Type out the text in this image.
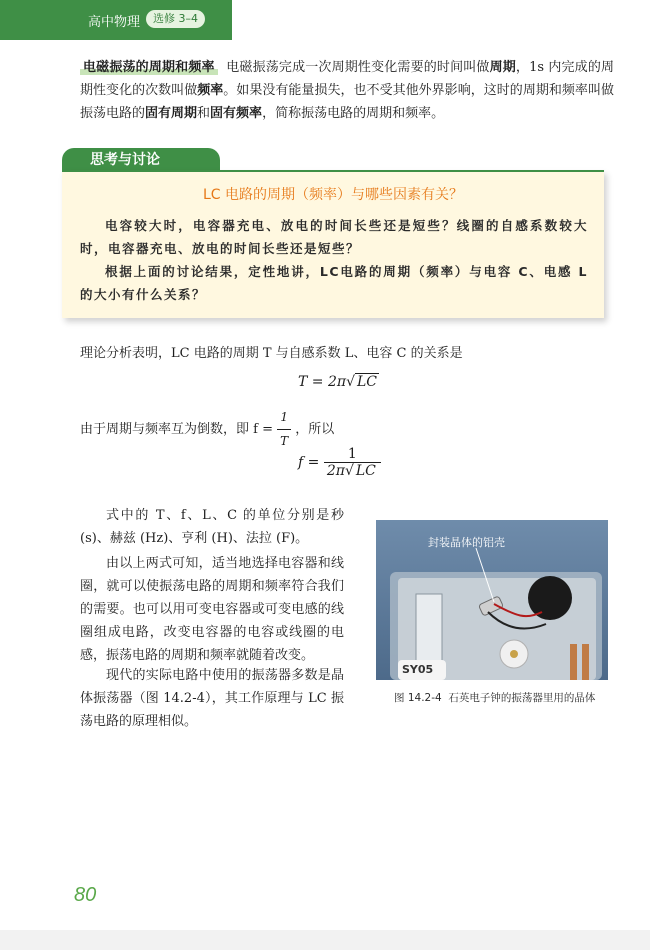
高中物理	选修 3–4
电磁振荡的周期和频率 电磁振荡完成一次周期性变化需要的时间叫做周期，1s 内完成的周期性变化的次数叫做频率。如果没有能量损失，也不受其他外界影响，这时的周期和频率叫做振荡电路的固有周期和固有频率，简称振荡电路的周期和频率。
思考与讨论
LC 电路的周期（频率）与哪些因素有关？
电容较大时，电容器充电、放电的时间长些还是短些？线圈的自感系数较大时，电容器充电、放电的时间长些还是短些？
根据上面的讨论结果，定性地讲，LC电路的周期（频率）与电容 C、电感 L 的大小有什么关系？
理论分析表明，LC 电路的周期 T 与自感系数 L、电容 C 的关系是
T = 2π√ LC
由于周期与频率互为倒数，即 $f = \frac{1}{T}$ ，所以
$f = \frac{1}{2\pi√ LC}$
式中的 T、f、L、C 的单位分别是秒 (s)、赫兹 (Hz)、亨利 (H)、法拉 (F)。
由以上两式可知，适当地选择电容器和线圈，就可以使振荡电路的周期和频率符合我们的需要。也可以用可变电容器或可变电感的线圈组成电路，改变电容器的电容或线圈的电感，振荡电路的周期和频率就随着改变。
现代的实际电路中使用的振荡器多数是晶体振荡器（图 14.2-4），其工作原理与 LC 振荡电路的原理相似。
封装晶体的铝壳
SY05
图 14.2-4 石英电子钟的振荡器里用的晶体
80
